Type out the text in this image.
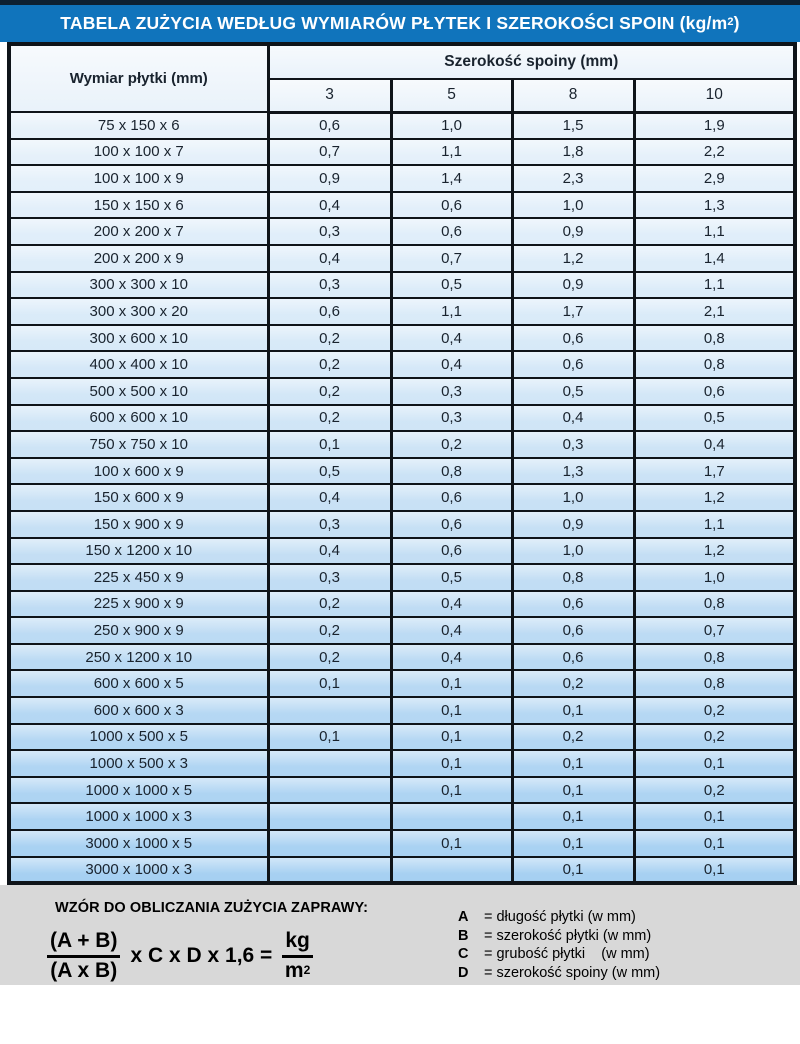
TABELA ZUŻYCIA WEDŁUG WYMIARÓW PŁYTEK I SZEROKOŚCI SPOIN $(kg/m^2)$
Wymiar płytki (mm)	Szerokość spoiny (mm)			
	3	5	8	10
75 x 150 x 6	0,6	1,0	1,5	1,9
100 x 100 x 7	0,7	1,1	1,8	2,2
100 x 100 x 9	0,9	1,4	2,3	2,9
150 x 150 x 6	0,4	0,6	1,0	1,3
200 x 200 x 7	0,3	0,6	0,9	1,1
200 x 200 x 9	0,4	0,7	1,2	1,4
300 x 300 x 10	0,3	0,5	0,9	1,1
300 x 300 x 20	0,6	1,1	1,7	2,1
300 x 600 x 10	0,2	0,4	0,6	0,8
400 x 400 x 10	0,2	0,4	0,6	0,8
500 x 500 x 10	0,2	0,3	0,5	0,6
600 x 600 x 10	0,2	0,3	0,4	0,5
750 x 750 x 10	0,1	0,2	0,3	0,4
100 x 600 x 9	0,5	0,8	1,3	1,7
150 x 600 x 9	0,4	0,6	1,0	1,2
150 x 900 x 9	0,3	0,6	0,9	1,1
150 x 1200 x 10	0,4	0,6	1,0	1,2
225 x 450 x 9	0,3	0,5	0,8	1,0
225 x 900 x 9	0,2	0,4	0,6	0,8
250 x 900 x 9	0,2	0,4	0,6	0,7
250 x 1200 x 10	0,2	0,4	0,6	0,8
600 x 600 x 5	0,1	0,1	0,2	0,8
600 x 600 x 3		0,1	0,1	0,2
1000 x 500 x 5	0,1	0,1	0,2	0,2
1000 x 500 x 3		0,1	0,1	0,1
1000 x 1000 x 5		0,1	0,1	0,2
1000 x 1000 x 3			0,1	0,1
3000 x 1000 x 5		0,1	0,1	0,1
3000 x 1000 x 3			0,1	0,1
WZÓR DO OBLICZANIA ZUŻYCIA ZAPRAWY:
$\frac{(A + B)}{\text{(A x B)}}$ x C x D x $1,6 = \frac{kg}{m^2}$
A	= długość płytki (w mm)
B	= szerokość płytki (w mm)
C	= grubość płytki    (w mm)
D	= szerokość spoiny (w mm)
